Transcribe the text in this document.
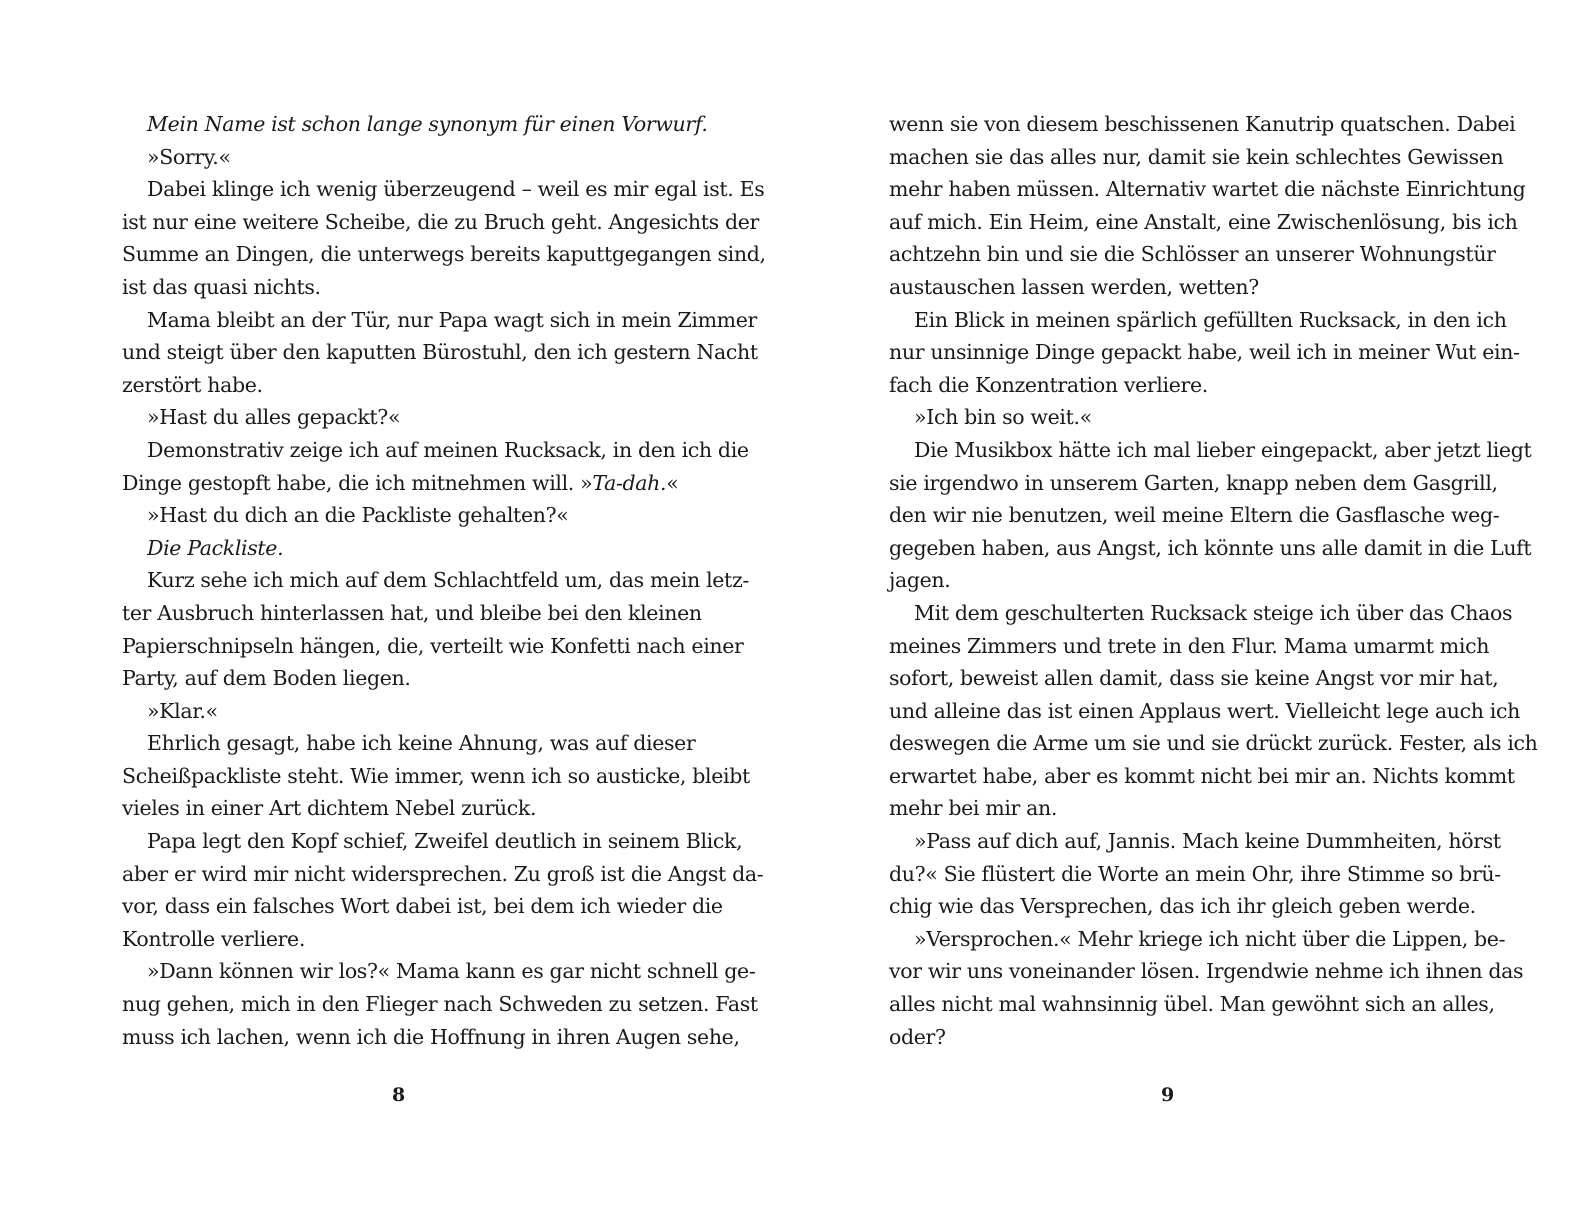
Mein Name ist schon lange synonym für einen Vorwurf.
»Sorry.«
Dabei klinge ich wenig überzeugend – weil es mir egal ist. Es
ist nur eine weitere Scheibe, die zu Bruch geht. Angesichts der
Summe an Dingen, die unterwegs bereits kaputtgegangen sind,
ist das quasi nichts.
Mama bleibt an der Tür, nur Papa wagt sich in mein Zimmer
und steigt über den kaputten Bürostuhl, den ich gestern Nacht
zerstört habe.
»Hast du alles gepackt?«
Demonstrativ zeige ich auf meinen Rucksack, in den ich die
Dinge gestopft habe, die ich mitnehmen will. »Ta-dah.«
»Hast du dich an die Packliste gehalten?«
Die Packliste.
Kurz sehe ich mich auf dem Schlachtfeld um, das mein letz-
ter Ausbruch hinterlassen hat, und bleibe bei den kleinen
Papierschnipseln hängen, die, verteilt wie Konfetti nach einer
Party, auf dem Boden liegen.
»Klar.«
Ehrlich gesagt, habe ich keine Ahnung, was auf dieser
Scheißpackliste steht. Wie immer, wenn ich so austicke, bleibt
vieles in einer Art dichtem Nebel zurück.
Papa legt den Kopf schief, Zweifel deutlich in seinem Blick,
aber er wird mir nicht widersprechen. Zu groß ist die Angst da-
vor, dass ein falsches Wort dabei ist, bei dem ich wieder die
Kontrolle verliere.
»Dann können wir los?« Mama kann es gar nicht schnell ge-
nug gehen, mich in den Flieger nach Schweden zu setzen. Fast
muss ich lachen, wenn ich die Hoffnung in ihren Augen sehe,
wenn sie von diesem beschissenen Kanutrip quatschen. Dabei
machen sie das alles nur, damit sie kein schlechtes Gewissen
mehr haben müssen. Alternativ wartet die nächste Einrichtung
auf mich. Ein Heim, eine Anstalt, eine Zwischenlösung, bis ich
achtzehn bin und sie die Schlösser an unserer Wohnungstür
austauschen lassen werden, wetten?
Ein Blick in meinen spärlich gefüllten Rucksack, in den ich
nur unsinnige Dinge gepackt habe, weil ich in meiner Wut ein-
fach die Konzentration verliere.
»Ich bin so weit.«
Die Musikbox hätte ich mal lieber eingepackt, aber jetzt liegt
sie irgendwo in unserem Garten, knapp neben dem Gasgrill,
den wir nie benutzen, weil meine Eltern die Gasflasche weg-
gegeben haben, aus Angst, ich könnte uns alle damit in die Luft
jagen.
Mit dem geschulterten Rucksack steige ich über das Chaos
meines Zimmers und trete in den Flur. Mama umarmt mich
sofort, beweist allen damit, dass sie keine Angst vor mir hat,
und alleine das ist einen Applaus wert. Vielleicht lege auch ich
deswegen die Arme um sie und sie drückt zurück. Fester, als ich
erwartet habe, aber es kommt nicht bei mir an. Nichts kommt
mehr bei mir an.
»Pass auf dich auf, Jannis. Mach keine Dummheiten, hörst
du?« Sie flüstert die Worte an mein Ohr, ihre Stimme so brü-
chig wie das Versprechen, das ich ihr gleich geben werde.
»Versprochen.« Mehr kriege ich nicht über die Lippen, be-
vor wir uns voneinander lösen. Irgendwie nehme ich ihnen das
alles nicht mal wahnsinnig übel. Man gewöhnt sich an alles,
oder?
8	9
